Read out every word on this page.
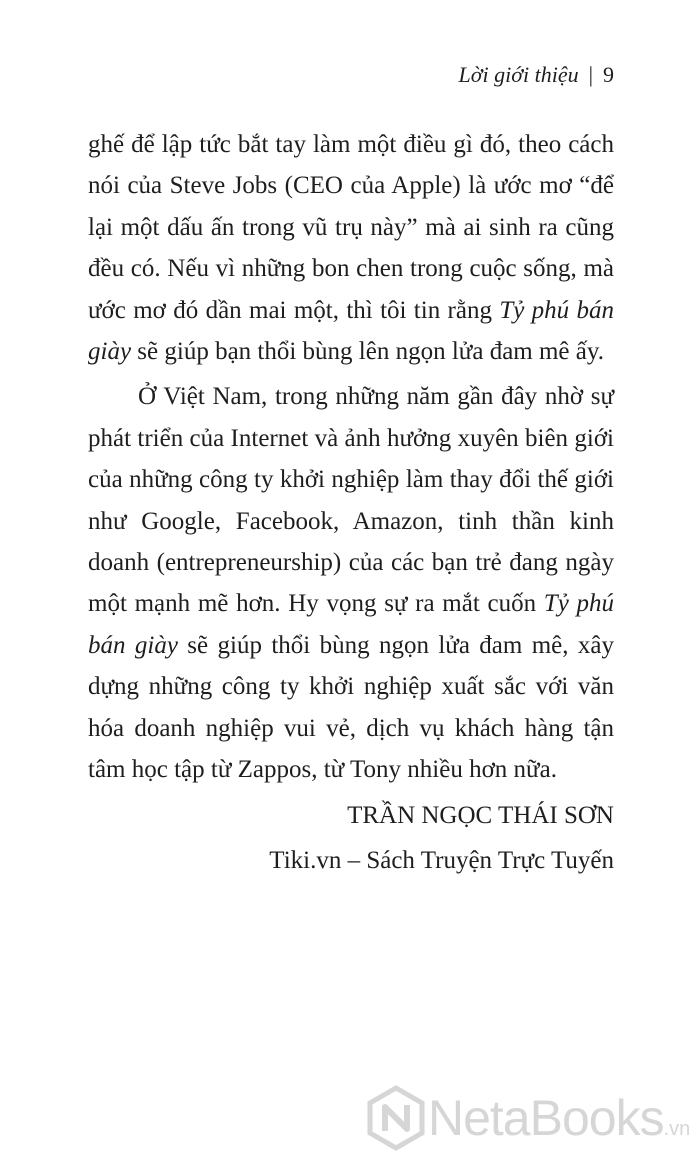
Lời giới thiệu | 9

ghế để lập tức bắt tay làm một điều gì đó, theo cách nói của Steve Jobs (CEO của Apple) là ước mơ “để lại một dấu ấn trong vũ trụ này” mà ai sinh ra cũng đều có. Nếu vì những bon chen trong cuộc sống, mà ước mơ đó dần mai một, thì tôi tin rằng Tỷ phú bán giày sẽ giúp bạn thổi bùng lên ngọn lửa đam mê ấy.

Ở Việt Nam, trong những năm gần đây nhờ sự phát triển của Internet và ảnh hưởng xuyên biên giới của những công ty khởi nghiệp làm thay đổi thế giới như Google, Facebook, Amazon, tinh thần kinh doanh (entrepreneurship) của các bạn trẻ đang ngày một mạnh mẽ hơn. Hy vọng sự ra mắt cuốn Tỷ phú bán giày sẽ giúp thổi bùng ngọn lửa đam mê, xây dựng những công ty khởi nghiệp xuất sắc với văn hóa doanh nghiệp vui vẻ, dịch vụ khách hàng tận tâm học tập từ Zappos, từ Tony nhiều hơn nữa.

TRẦN NGỌC THÁI SƠN
Tiki.vn – Sách Truyện Trực Tuyến
NetaBooks.vn
